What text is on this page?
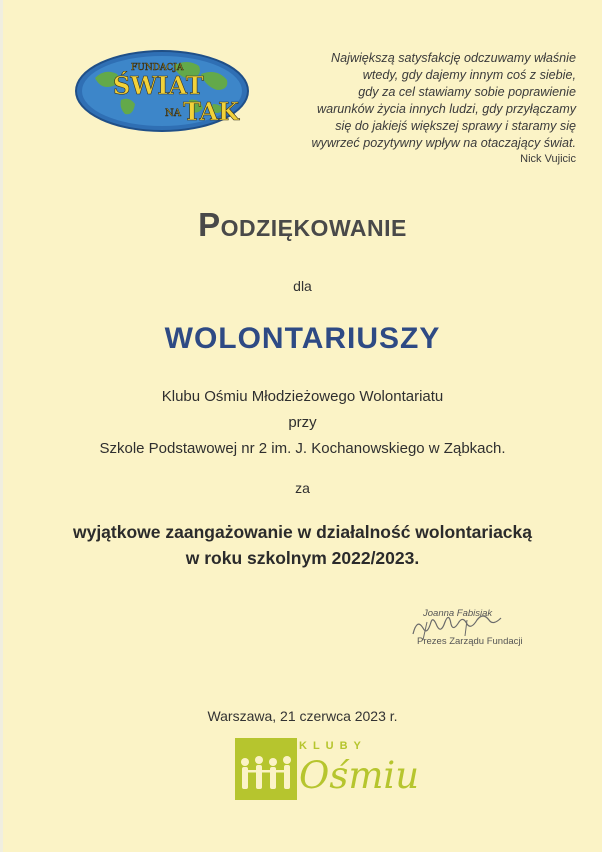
FUNDACJA
ŚWIAT
NA TAK
Największą satysfakcję odczuwamy właśnie
wtedy, gdy dajemy innym coś z siebie,
gdy za cel stawiamy sobie poprawienie
warunków życia innych ludzi, gdy przyłączamy
się do jakiejś większej sprawy i staramy się
wywrzeć pozytywny wpływ na otaczający świat.
Nick Vujicic
Podziękowanie
dla
WOLONTARIUSZY
Klubu Ośmiu Młodzieżowego Wolontariatu
przy
Szkole Podstawowej nr 2 im. J. Kochanowskiego w Ząbkach.
za
wyjątkowe zaangażowanie w działalność wolontariacką
w roku szkolnym 2022/2023.
Joanna Fabisiak
Prezes Zarządu Fundacji
Warszawa, 21 czerwca 2023 r.
KLUBY
Ośmiu
